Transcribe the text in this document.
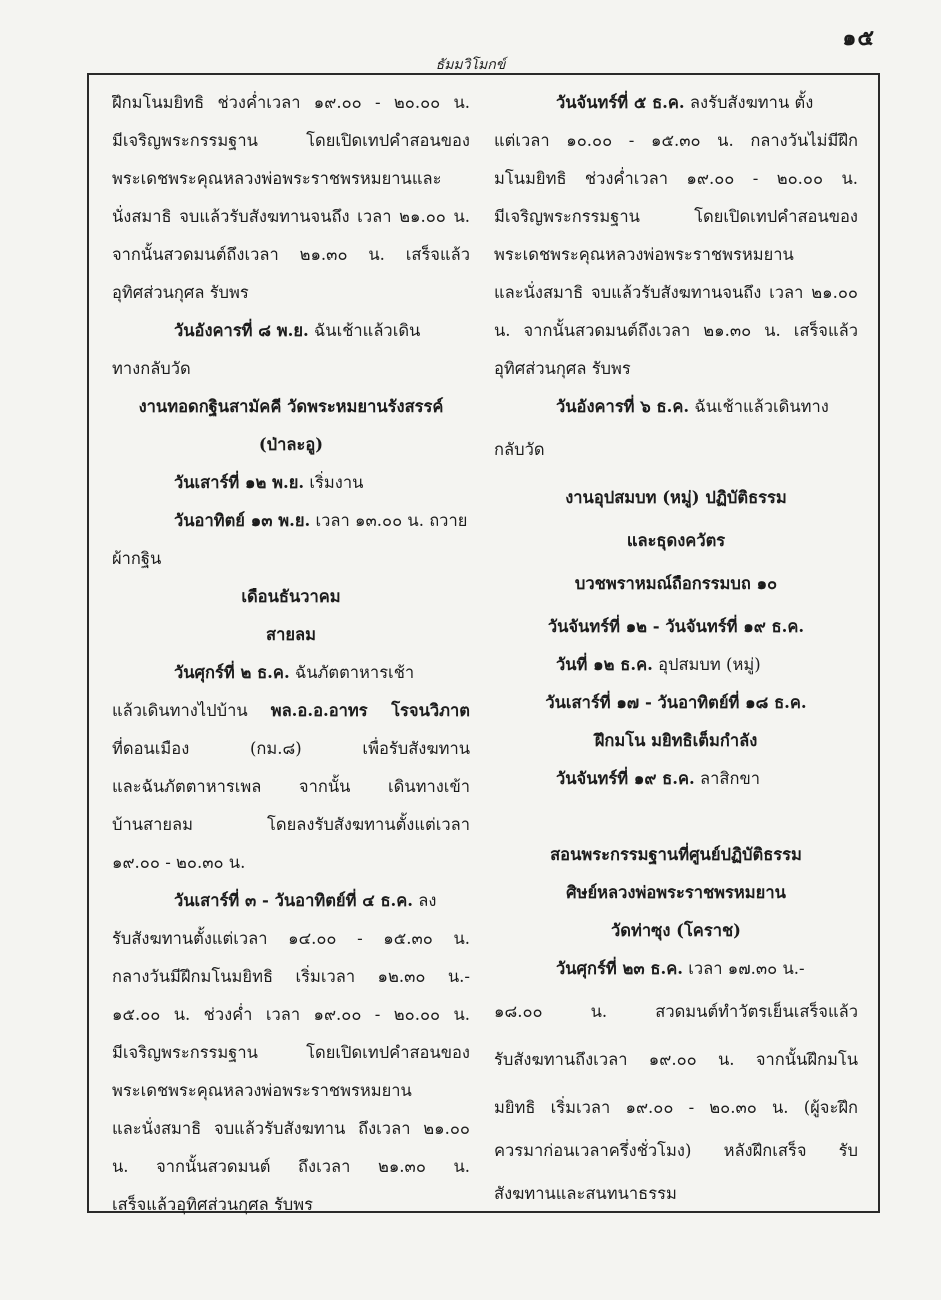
๑๕
ธัมมวิโมกข์
ฝึกมโนมยิทธิ ช่วงค่ำเวลา ๑๙.๐๐ - ๒๐.๐๐ น.
มีเจริญพระกรรมฐาน โดยเปิดเทปคำสอนของ
พระเดชพระคุณหลวงพ่อพระราชพรหมยานและ
นั่งสมาธิ จบแล้วรับสังฆทานจนถึง เวลา ๒๑.๐๐ น.
จากนั้นสวดมนต์ถึงเวลา ๒๑.๓๐ น. เสร็จแล้ว
อุทิศส่วนกุศล รับพร
วันอังคารที่ ๘ พ.ย. ฉันเช้าแล้วเดิน
ทางกลับวัด
งานทอดกฐินสามัคคี วัดพระหมยานรังสรรค์
(ป่าละอู)
วันเสาร์ที่ ๑๒ พ.ย. เริ่มงาน
วันอาทิตย์ ๑๓ พ.ย. เวลา ๑๓.๐๐ น. ถวาย
ผ้ากฐิน
เดือนธันวาคม
สายลม
วันศุกร์ที่ ๒ ธ.ค. ฉันภัตตาหารเช้า
แล้วเดินทางไปบ้าน พล.อ.อ.อาทร โรจนวิภาต
ที่ดอนเมือง (กม.๘) เพื่อรับสังฆทาน
และฉันภัตตาหารเพล จากนั้น เดินทางเข้า
บ้านสายลม โดยลงรับสังฆทานตั้งแต่เวลา
๑๙.๐๐ - ๒๐.๓๐ น.
วันเสาร์ที่ ๓ - วันอาทิตย์ที่ ๔ ธ.ค. ลง
รับสังฆทานตั้งแต่เวลา ๑๔.๐๐ - ๑๕.๓๐ น.
กลางวันมีฝึกมโนมยิทธิ เริ่มเวลา ๑๒.๓๐ น.-
๑๕.๐๐ น. ช่วงค่ำ เวลา ๑๙.๐๐ - ๒๐.๐๐ น.
มีเจริญพระกรรมฐาน โดยเปิดเทปคำสอนของ
พระเดชพระคุณหลวงพ่อพระราชพรหมยาน
และนั่งสมาธิ จบแล้วรับสังฆทาน ถึงเวลา ๒๑.๐๐
น. จากนั้นสวดมนต์ ถึงเวลา ๒๑.๓๐ น.
เสร็จแล้วอุทิศส่วนกุศล รับพร
วันจันทร์ที่ ๕ ธ.ค. ลงรับสังฆทาน ตั้ง
แต่เวลา ๑๐.๐๐ - ๑๕.๓๐ น. กลางวันไม่มีฝึก
มโนมยิทธิ ช่วงค่ำเวลา ๑๙.๐๐ - ๒๐.๐๐ น.
มีเจริญพระกรรมฐาน โดยเปิดเทปคำสอนของ
พระเดชพระคุณหลวงพ่อพระราชพรหมยาน
และนั่งสมาธิ จบแล้วรับสังฆทานจนถึง เวลา ๒๑.๐๐
น. จากนั้นสวดมนต์ถึงเวลา ๒๑.๓๐ น. เสร็จแล้ว
อุทิศส่วนกุศล รับพร
วันอังคารที่ ๖ ธ.ค. ฉันเช้าแล้วเดินทาง
กลับวัด
งานอุปสมบท (หมู่) ปฏิบัติธรรม
และธุดงควัตร
บวชพราหมณ์ถือกรรมบถ ๑๐
วันจันทร์ที่ ๑๒ - วันจันทร์ที่ ๑๙ ธ.ค.
วันที่ ๑๒ ธ.ค. อุปสมบท (หมู่)
วันเสาร์ที่ ๑๗ - วันอาทิตย์ที่ ๑๘ ธ.ค.
ฝึกมโน มยิทธิเต็มกำลัง
วันจันทร์ที่ ๑๙ ธ.ค. ลาสิกขา
สอนพระกรรมฐานที่ศูนย์ปฏิบัติธรรม
ศิษย์หลวงพ่อพระราชพรหมยาน
วัดท่าซุง (โคราช)
วันศุกร์ที่ ๒๓ ธ.ค. เวลา ๑๗.๓๐ น.-
๑๘.๐๐ น. สวดมนต์ทำวัตรเย็นเสร็จแล้ว
รับสังฆทานถึงเวลา ๑๙.๐๐ น. จากนั้นฝึกมโน
มยิทธิ เริ่มเวลา ๑๙.๐๐ - ๒๐.๓๐ น. (ผู้จะฝึก
ควรมาก่อนเวลาครึ่งชั่วโมง) หลังฝึกเสร็จ รับ
สังฆทานและสนทนาธรรม
